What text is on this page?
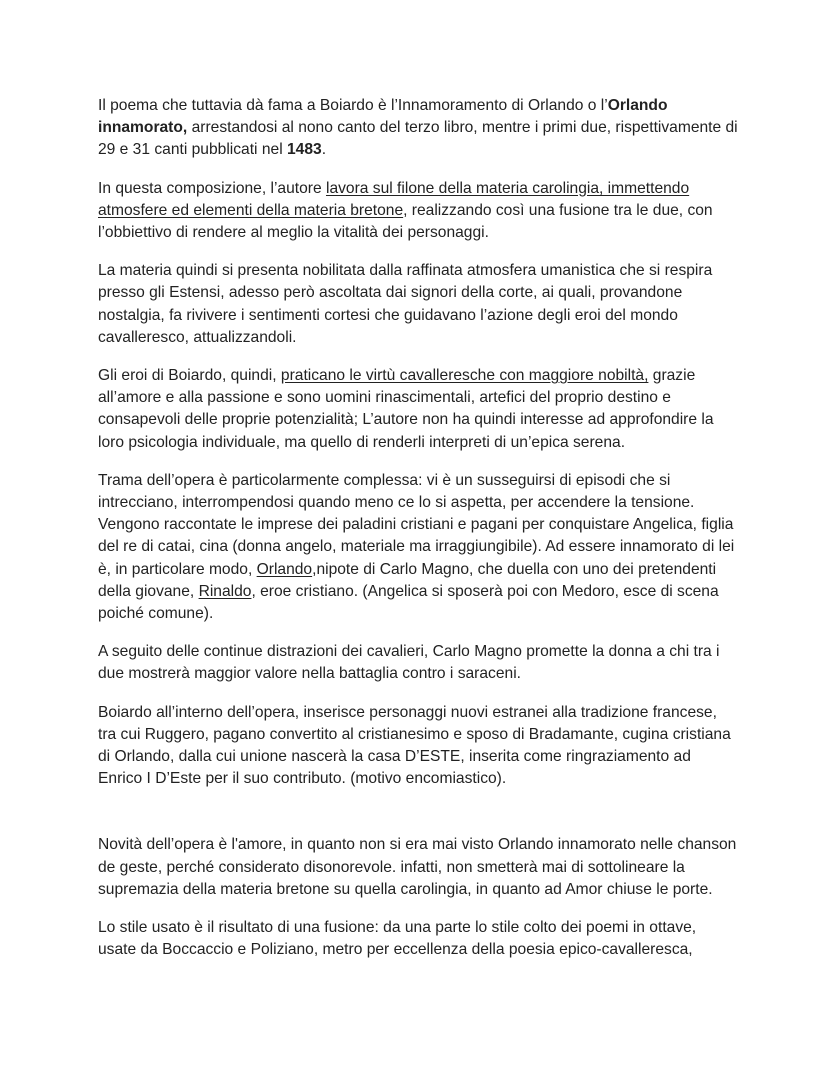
Il poema che tuttavia dà fama a Boiardo è l’Innamoramento di Orlando o l’Orlando innamorato, arrestandosi al nono canto del terzo libro, mentre i primi due, rispettivamente di 29 e 31 canti pubblicati nel 1483.

In questa composizione, l’autore lavora sul filone della materia carolingia, immettendo atmosfere ed elementi della materia bretone, realizzando così una fusione tra le due, con l’obbiettivo di rendere al meglio la vitalità dei personaggi.

La materia quindi si presenta nobilitata dalla raffinata atmosfera umanistica che si respira presso gli Estensi, adesso però ascoltata dai signori della corte, ai quali, provandone nostalgia, fa rivivere i sentimenti cortesi che guidavano l’azione degli eroi del mondo cavalleresco, attualizzandoli.

Gli eroi di Boiardo, quindi, praticano le virtù cavalleresche con maggiore nobiltà, grazie all’amore e alla passione e sono uomini rinascimentali, artefici del proprio destino e consapevoli delle proprie potenzialità; L’autore non ha quindi interesse ad approfondire la loro psicologia individuale, ma quello di renderli interpreti di un’epica serena.

Trama dell’opera è particolarmente complessa: vi è un susseguirsi di episodi che si intrecciano, interrompendosi quando meno ce lo si aspetta, per accendere la tensione. Vengono raccontate le imprese dei paladini cristiani e pagani per conquistare Angelica, figlia del re di catai, cina (donna angelo, materiale ma irraggiungibile). Ad essere innamorato di lei è, in particolare modo, Orlando,nipote di Carlo Magno, che duella con uno dei pretendenti della giovane, Rinaldo, eroe cristiano. (Angelica si sposerà poi con Medoro, esce di scena poiché comune).

A seguito delle continue distrazioni dei cavalieri, Carlo Magno promette la donna a chi tra i due mostrerà maggior valore nella battaglia contro i saraceni.

Boiardo all’interno dell’opera, inserisce personaggi nuovi estranei alla tradizione francese, tra cui Ruggero, pagano convertito al cristianesimo e sposo di Bradamante, cugina cristiana di Orlando, dalla cui unione nascerà la casa D’ESTE, inserita come ringraziamento ad Enrico I D’Este per il suo contributo. (motivo encomiastico).

Novità dell’opera è l'amore, in quanto non si era mai visto Orlando innamorato nelle chanson de geste, perché considerato disonorevole. infatti, non smetterà mai di sottolineare la supremazia della materia bretone su quella carolingia, in quanto ad Amor chiuse le porte.

Lo stile usato è il risultato di una fusione: da una parte lo stile colto dei poemi in ottave, usate da Boccaccio e Poliziano, metro per eccellenza della poesia epico-cavalleresca,
